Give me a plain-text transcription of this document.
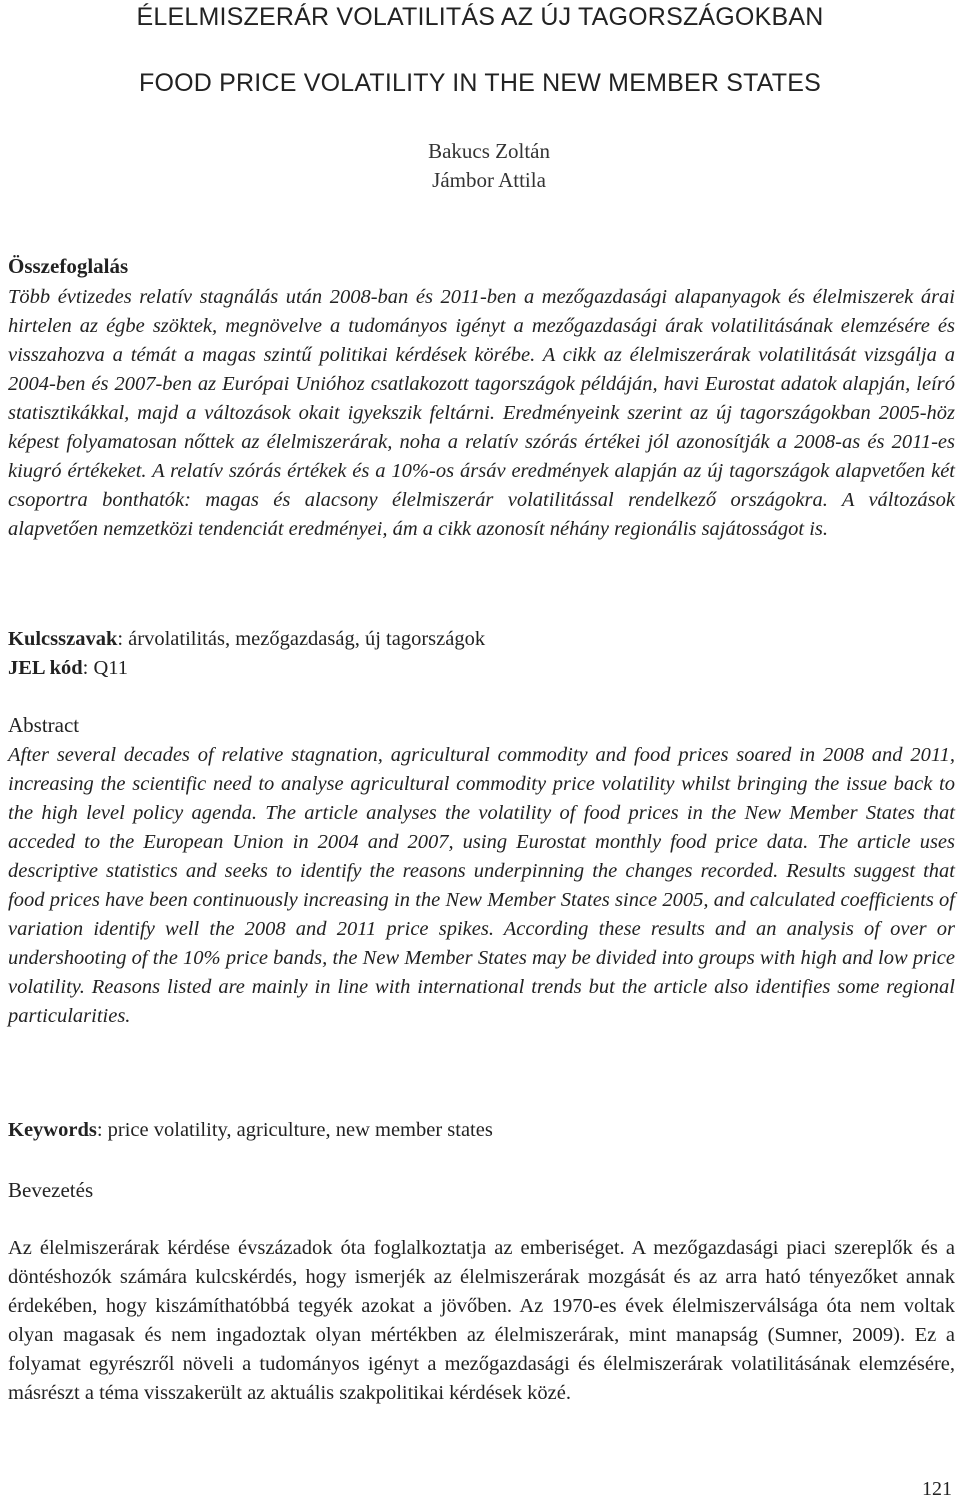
ÉLELMISZERÁR VOLATILITÁS AZ ÚJ TAGORSZÁGOKBAN
FOOD PRICE VOLATILITY IN THE NEW MEMBER STATES
Bakucs Zoltán
Jámbor Attila
Összefoglalás
Több évtizedes relatív stagnálás után 2008-ban és 2011-ben a mezőgazdasági alapanyagok és élelmiszerek árai hirtelen az égbe szöktek, megnövelve a tudományos igényt a mezőgazdasági árak volatilitásának elemzésére és visszahozva a témát a magas szintű politikai kérdések körébe. A cikk az élelmiszerárak volatilitását vizsgálja a 2004-ben és 2007-ben az Európai Unióhoz csatlakozott tagországok példáján, havi Eurostat adatok alapján, leíró statisztikákkal, majd a változások okait igyekszik feltárni. Eredményeink szerint az új tagországokban 2005-höz képest folyamatosan nőttek az élelmiszerárak, noha a relatív szórás értékei jól azonosítják a 2008-as és 2011-es kiugró értékeket. A relatív szórás értékek és a 10%-os ársáv eredmények alapján az új tagországok alapvetően két csoportra bonthatók: magas és alacsony élelmiszerár volatilitással rendelkező országokra. A változások alapvetően nemzetközi tendenciát eredményei, ám a cikk azonosít néhány regionális sajátosságot is.
Kulcsszavak: árvolatilitás, mezőgazdaság, új tagországok
JEL kód: Q11
Abstract
After several decades of relative stagnation, agricultural commodity and food prices soared in 2008 and 2011, increasing the scientific need to analyse agricultural commodity price volatility whilst bringing the issue back to the high level policy agenda. The article analyses the volatility of food prices in the New Member States that acceded to the European Union in 2004 and 2007, using Eurostat monthly food price data. The article uses descriptive statistics and seeks to identify the reasons underpinning the changes recorded. Results suggest that food prices have been continuously increasing in the New Member States since 2005, and calculated coefficients of variation identify well the 2008 and 2011 price spikes. According these results and an analysis of over or undershooting of the 10% price bands, the New Member States may be divided into groups with high and low price volatility. Reasons listed are mainly in line with international trends but the article also identifies some regional particularities.
Keywords: price volatility, agriculture, new member states
Bevezetés
Az élelmiszerárak kérdése évszázadok óta foglalkoztatja az emberiséget. A mezőgazdasági piaci szereplők és a döntéshozók számára kulcskérdés, hogy ismerjék az élelmiszerárak mozgását és az arra ható tényezőket annak érdekében, hogy kiszámíthatóbbá tegyék azokat a jövőben. Az 1970-es évek élelmiszerválsága óta nem voltak olyan magasak és nem ingadoztak olyan mértékben az élelmiszerárak, mint manapság (Sumner, 2009). Ez a folyamat egyrészről növeli a tudományos igényt a mezőgazdasági és élelmiszerárak volatilitásának elemzésére, másrészt a téma visszakerült az aktuális szakpolitikai kérdések közé.
121
